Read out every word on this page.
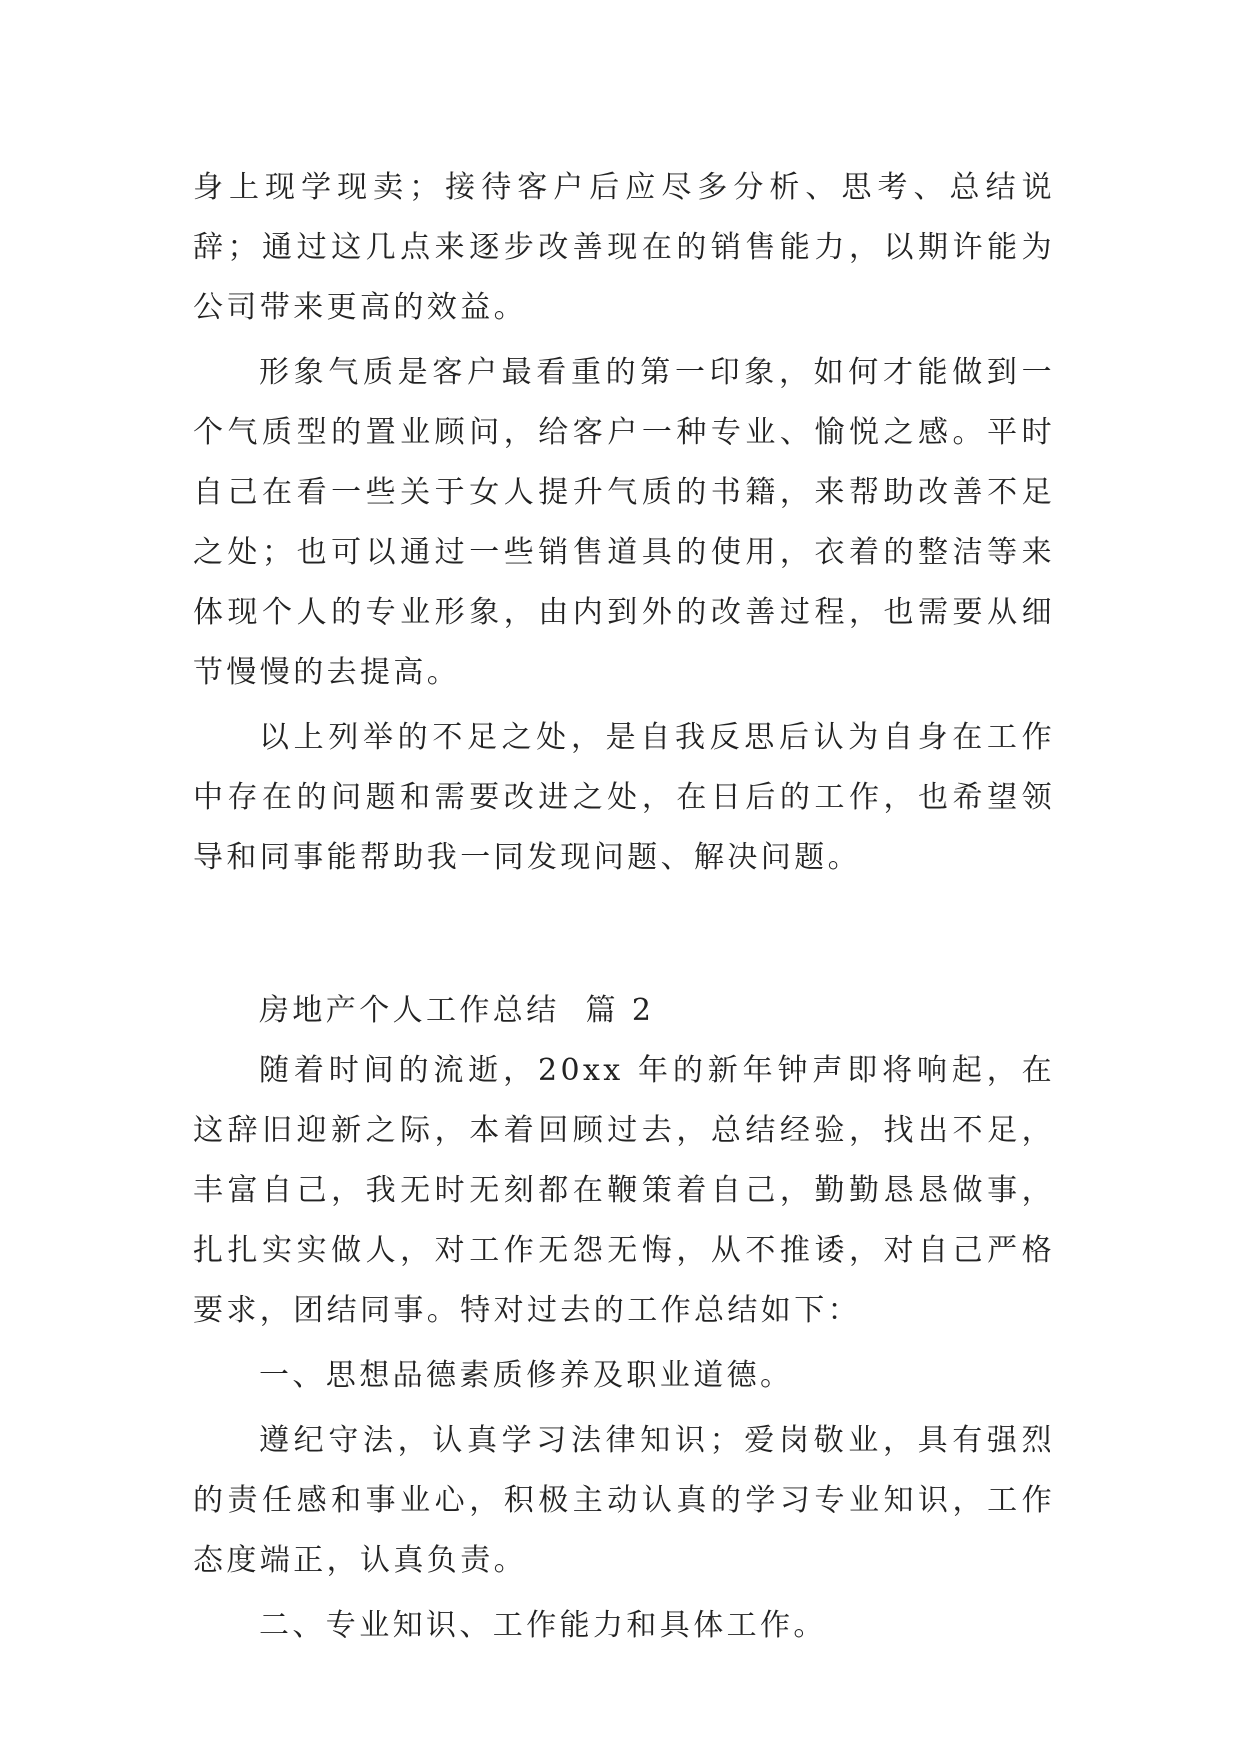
身上现学现卖；接待客户后应尽多分析、思考、总结说辞；通过这几点来逐步改善现在的销售能力，以期许能为公司带来更高的效益。

形象气质是客户最看重的第一印象，如何才能做到一个气质型的置业顾问，给客户一种专业、愉悦之感。平时自己在看一些关于女人提升气质的书籍，来帮助改善不足之处；也可以通过一些销售道具的使用，衣着的整洁等来体现个人的专业形象，由内到外的改善过程，也需要从细节慢慢的去提高。

以上列举的不足之处，是自我反思后认为自身在工作中存在的问题和需要改进之处，在日后的工作，也希望领导和同事能帮助我一同发现问题、解决问题。

房地产个人工作总结 篇 2

随着时间的流逝，20xx 年的新年钟声即将响起，在这辞旧迎新之际，本着回顾过去，总结经验，找出不足，丰富自己，我无时无刻都在鞭策着自己，勤勤恳恳做事，扎扎实实做人，对工作无怨无悔，从不推诿，对自己严格要求，团结同事。特对过去的工作总结如下：

一、思想品德素质修养及职业道德。

遵纪守法，认真学习法律知识；爱岗敬业，具有强烈的责任感和事业心，积极主动认真的学习专业知识，工作态度端正，认真负责。

二、专业知识、工作能力和具体工作。
